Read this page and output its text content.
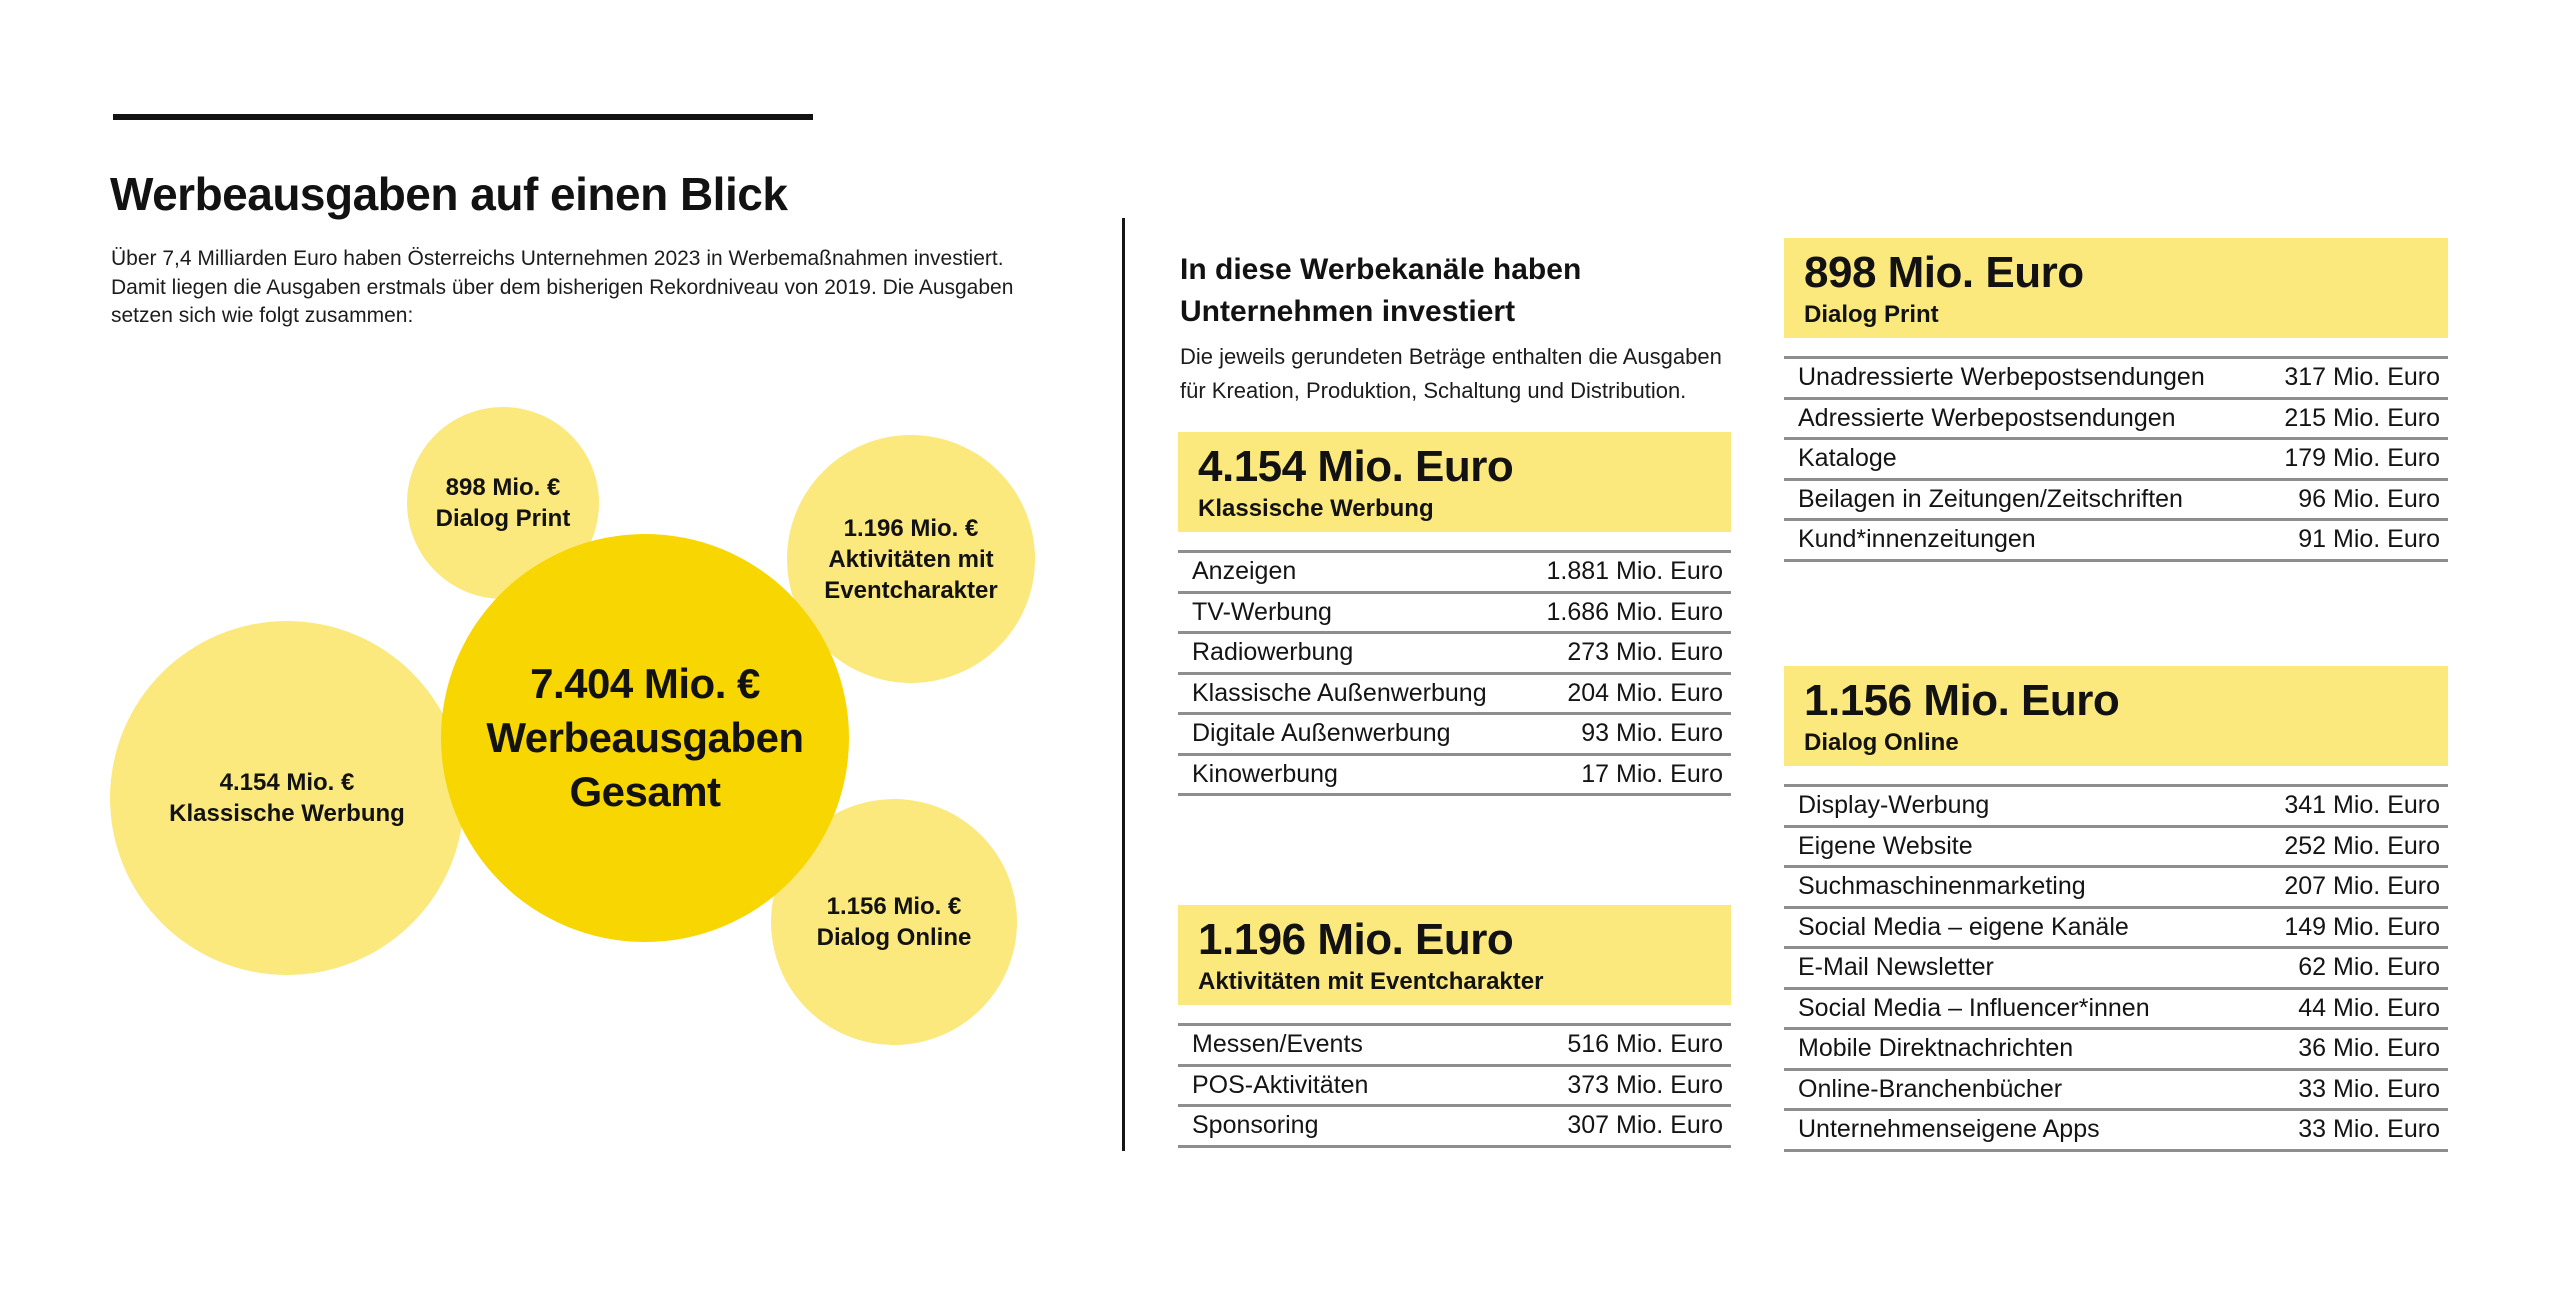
Werbeausgaben auf einen Blick

Über 7,4 Milliarden Euro haben Österreichs Unternehmen 2023 in Werbemaßnahmen investiert. Damit liegen die Ausgaben erstmals über dem bisherigen Rekordniveau von 2019. Die Ausgaben setzen sich wie folgt zusammen:

4.154 Mio. €
Klassische Werbung
898 Mio. €
Dialog Print	1.196 Mio. €
Aktivitäten mit
Eventcharakter
1.156 Mio. €
Dialog Online
7.404 Mio. €
Werbeausgaben
Gesamt
In diese Werbekanäle haben Unternehmen investiert

Die jeweils gerundeten Beträge enthalten die Ausgaben für Kreation, Produktion, Schaltung und Distribution.

4.154 Mio. Euro
Klassische Werbung
Anzeigen	1.881 Mio. Euro
TV-Werbung	1.686 Mio. Euro
Radiowerbung	273 Mio. Euro
Klassische Außenwerbung	204 Mio. Euro
Digitale Außenwerbung	93 Mio. Euro
Kinowerbung	17 Mio. Euro
1.196 Mio. Euro
Aktivitäten mit Eventcharakter
Messen/Events	516 Mio. Euro
POS-Aktivitäten	373 Mio. Euro
Sponsoring	307 Mio. Euro
898 Mio. Euro
Dialog Print
Unadressierte Werbepostsendungen	317 Mio. Euro
Adressierte Werbepostsendungen	215 Mio. Euro
Kataloge	179 Mio. Euro
Beilagen in Zeitungen/Zeitschriften	96 Mio. Euro
Kund*innenzeitungen	91 Mio. Euro
1.156 Mio. Euro
Dialog Online
Display-Werbung	341 Mio. Euro
Eigene Website	252 Mio. Euro
Suchmaschinenmarketing	207 Mio. Euro
Social Media – eigene Kanäle	149 Mio. Euro
E-Mail Newsletter	62 Mio. Euro
Social Media – Influencer*innen	44 Mio. Euro
Mobile Direktnachrichten	36 Mio. Euro
Online-Branchenbücher	33 Mio. Euro
Unternehmenseigene Apps	33 Mio. Euro
